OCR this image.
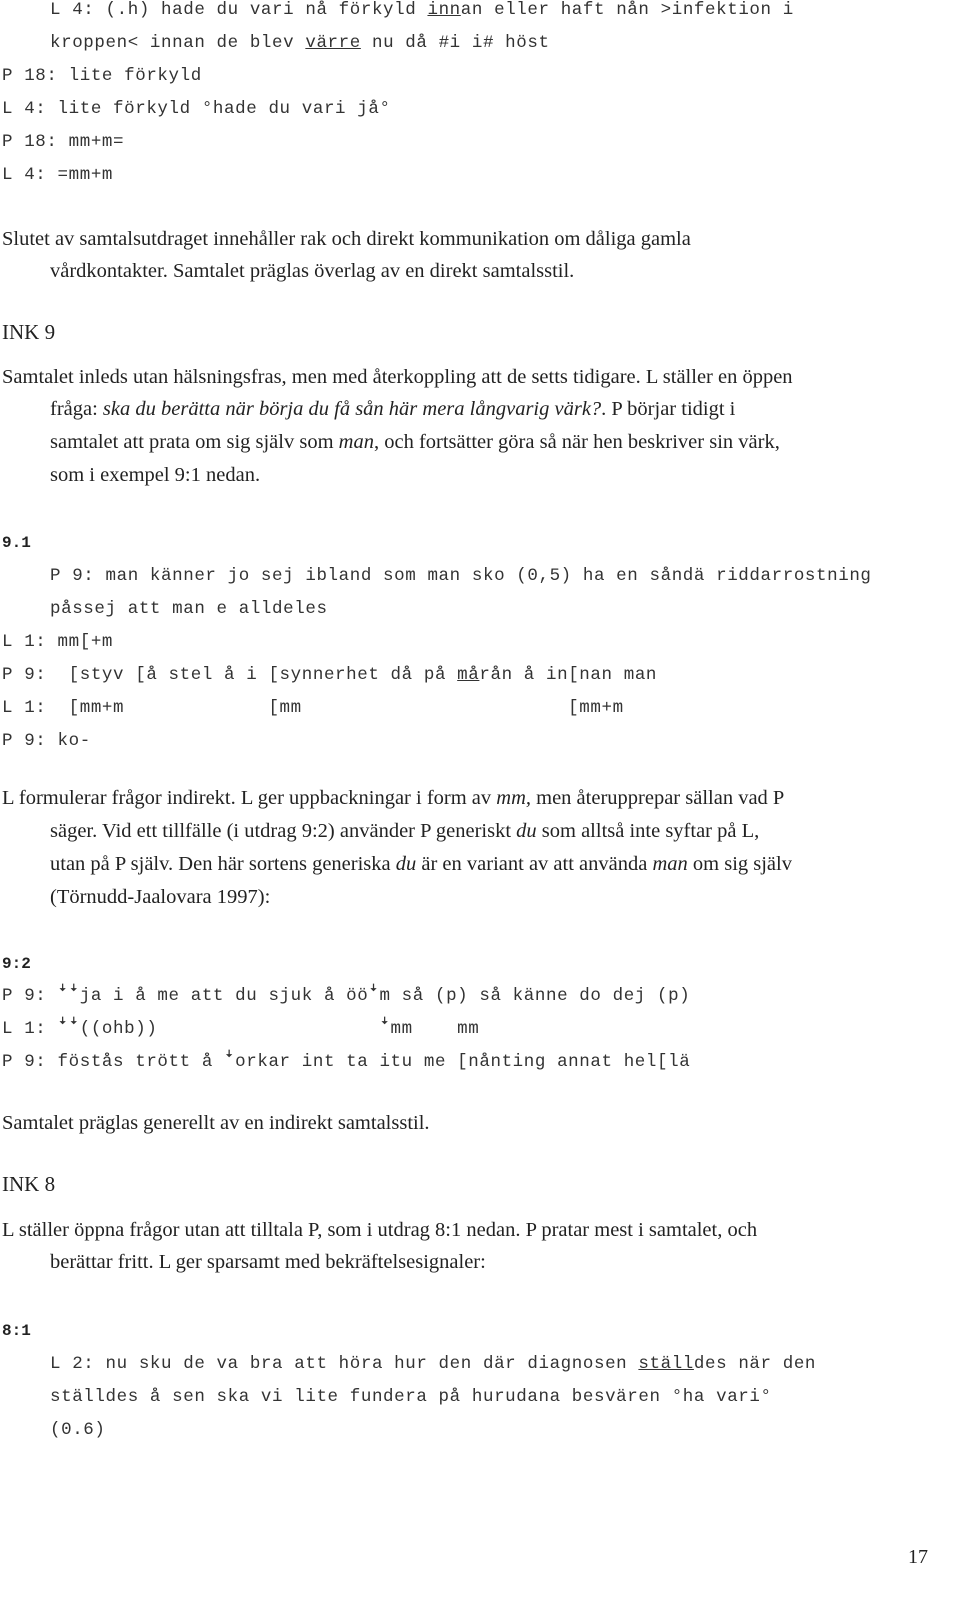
L 4: (.h) hade du vari nå förkyld innan eller haft nån >infektion i
kroppen< innan de blev värre nu då #i i# höst
P 18: lite förkyld
L 4: lite förkyld °hade du vari jå°
P 18: mm+m=
L 4: =mm+m
Slutet av samtalsutdraget innehåller rak och direkt kommunikation om dåliga gamla
vårdkontakter. Samtalet präglas överlag av en direkt samtalsstil.
INK 9
Samtalet inleds utan hälsningsfras, men med återkoppling att de setts tidigare. L ställer en öppen
fråga: ska du berätta när börja du få sån här mera långvarig värk?. P börjar tidigt i
samtalet att prata om sig själv som man, och fortsätter göra så när hen beskriver sin värk,
som i exempel 9:1 nedan.
9.1
P 9: man känner jo sej ibland som man sko (0,5) ha en såndä riddarrostning
påssej att man e alldeles
L 1: mm[+m
P 9:  [styv [å stel å i [synnerhet då på mårån å in[nan man
L 1:  [mm+m             [mm                        [mm+m
P 9: ko-
L formulerar frågor indirekt. L ger uppbackningar i form av mm, men återupprepar sällan vad P
säger. Vid ett tillfälle (i utdrag 9:2) använder P generiskt du som alltså inte syftar på L,
utan på P själv. Den här sortens generiska du är en variant av att använda man om sig själv
(Törnudd-Jaalovara 1997):
9:2
P 9: ꜜꜜja i å me att du sjuk å ööꜜm så (p) så känne do dej (p)
L 1: ꜜꜜ((ohb))                    ꜜmm    mm
P 9: föstås trött å ꜜorkar int ta itu me [nånting annat hel[lä
Samtalet präglas generellt av en indirekt samtalsstil.
INK 8
L ställer öppna frågor utan att tilltala P, som i utdrag 8:1 nedan. P pratar mest i samtalet, och
berättar fritt. L ger sparsamt med bekräftelsesignaler:
8:1
L 2: nu sku de va bra att höra hur den där diagnosen ställdes när den
ställdes å sen ska vi lite fundera på hurudana besvären °ha vari°
(0.6)
17
